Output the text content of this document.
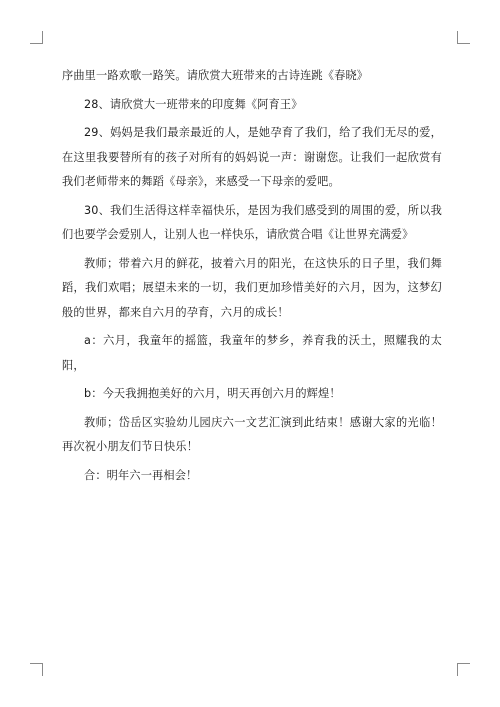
序曲里一路欢歌一路笑。请欣赏大班带来的古诗连跳《春晓》

28、请欣赏大一班带来的印度舞《阿育王》

29、妈妈是我们最亲最近的人，是她孕育了我们，给了我们无尽的爱，在这里我要替所有的孩子对所有的妈妈说一声：谢谢您。让我们一起欣赏有我们老师带来的舞蹈《母亲》，来感受一下母亲的爱吧。

30、我们生活得这样幸福快乐，是因为我们感受到的周围的爱，所以我们也要学会爱别人，让别人也一样快乐，请欣赏合唱《让世界充满爱》

教师；带着六月的鲜花，披着六月的阳光，在这快乐的日子里，我们舞蹈，我们欢唱；展望未来的一切，我们更加珍惜美好的六月，因为，这梦幻般的世界，都来自六月的孕育，六月的成长！

a：六月，我童年的摇篮，我童年的梦乡，养育我的沃土，照耀我的太阳，

b：今天我拥抱美好的六月，明天再创六月的辉煌！

教师；岱岳区实验幼儿园庆六一文艺汇演到此结束！感谢大家的光临！再次祝小朋友们节日快乐！

合：明年六一再相会！
